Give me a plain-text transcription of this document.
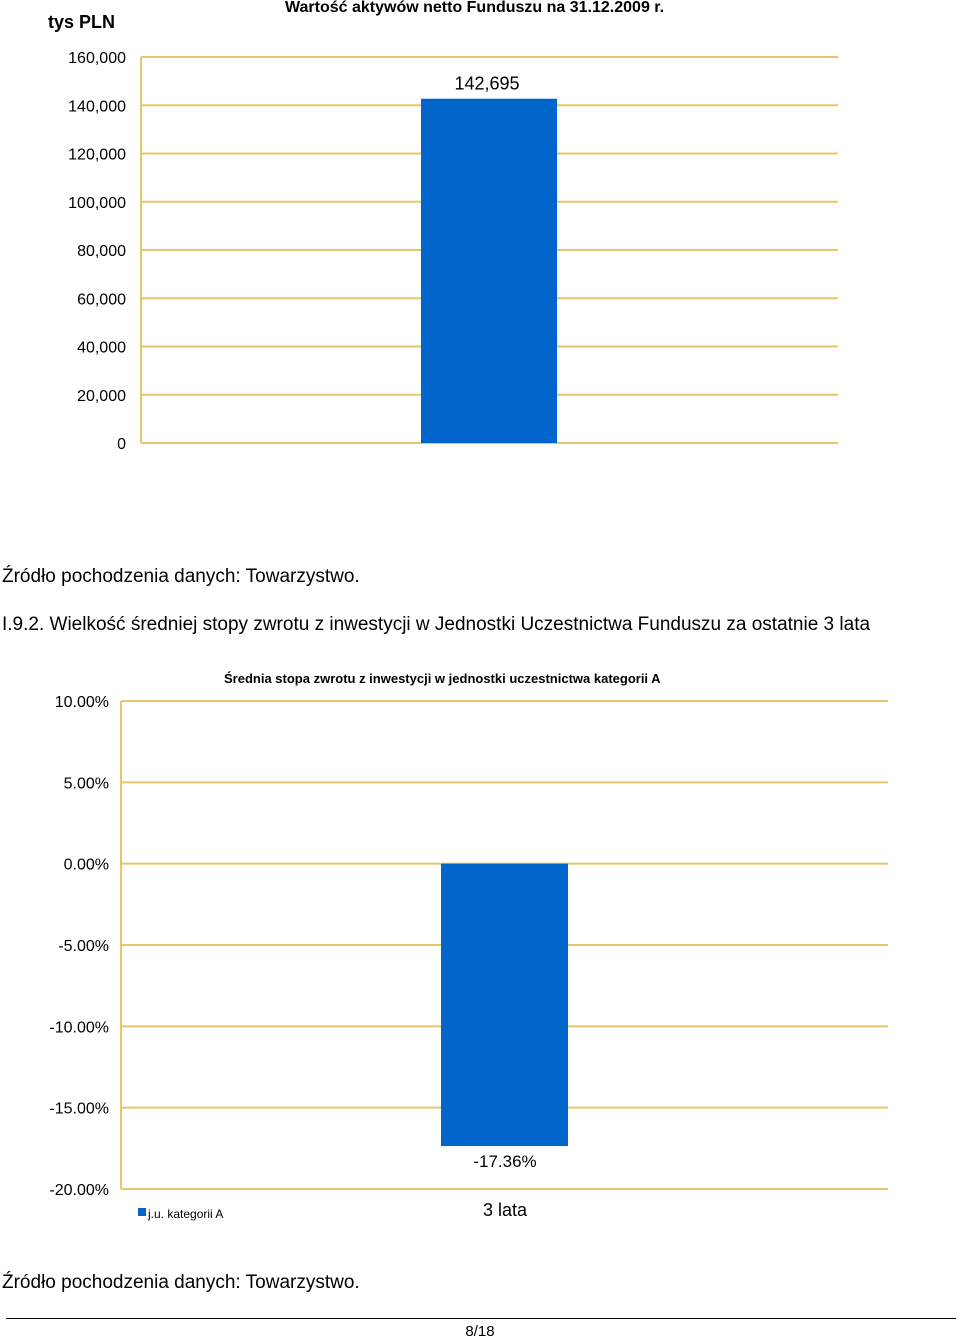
tys PLN
Wartość aktywów netto Funduszu na 31.12.2009 r.
0
20,000
40,000
60,000
80,000
100,000
120,000
140,000
160,000
142,695
Źródło pochodzenia danych: Towarzystwo.
I.9.2. Wielkość średniej stopy zwrotu z inwestycji w Jednostki Uczestnictwa Funduszu za ostatnie 3 lata
Średnia stopa zwrotu z inwestycji w jednostki uczestnictwa kategorii A
-20.00%
-15.00%
-10.00%
-5.00%
0.00%
5.00%
10.00%
-17.36%
3 lata
j.u. kategorii A
Źródło pochodzenia danych: Towarzystwo.
8/18
